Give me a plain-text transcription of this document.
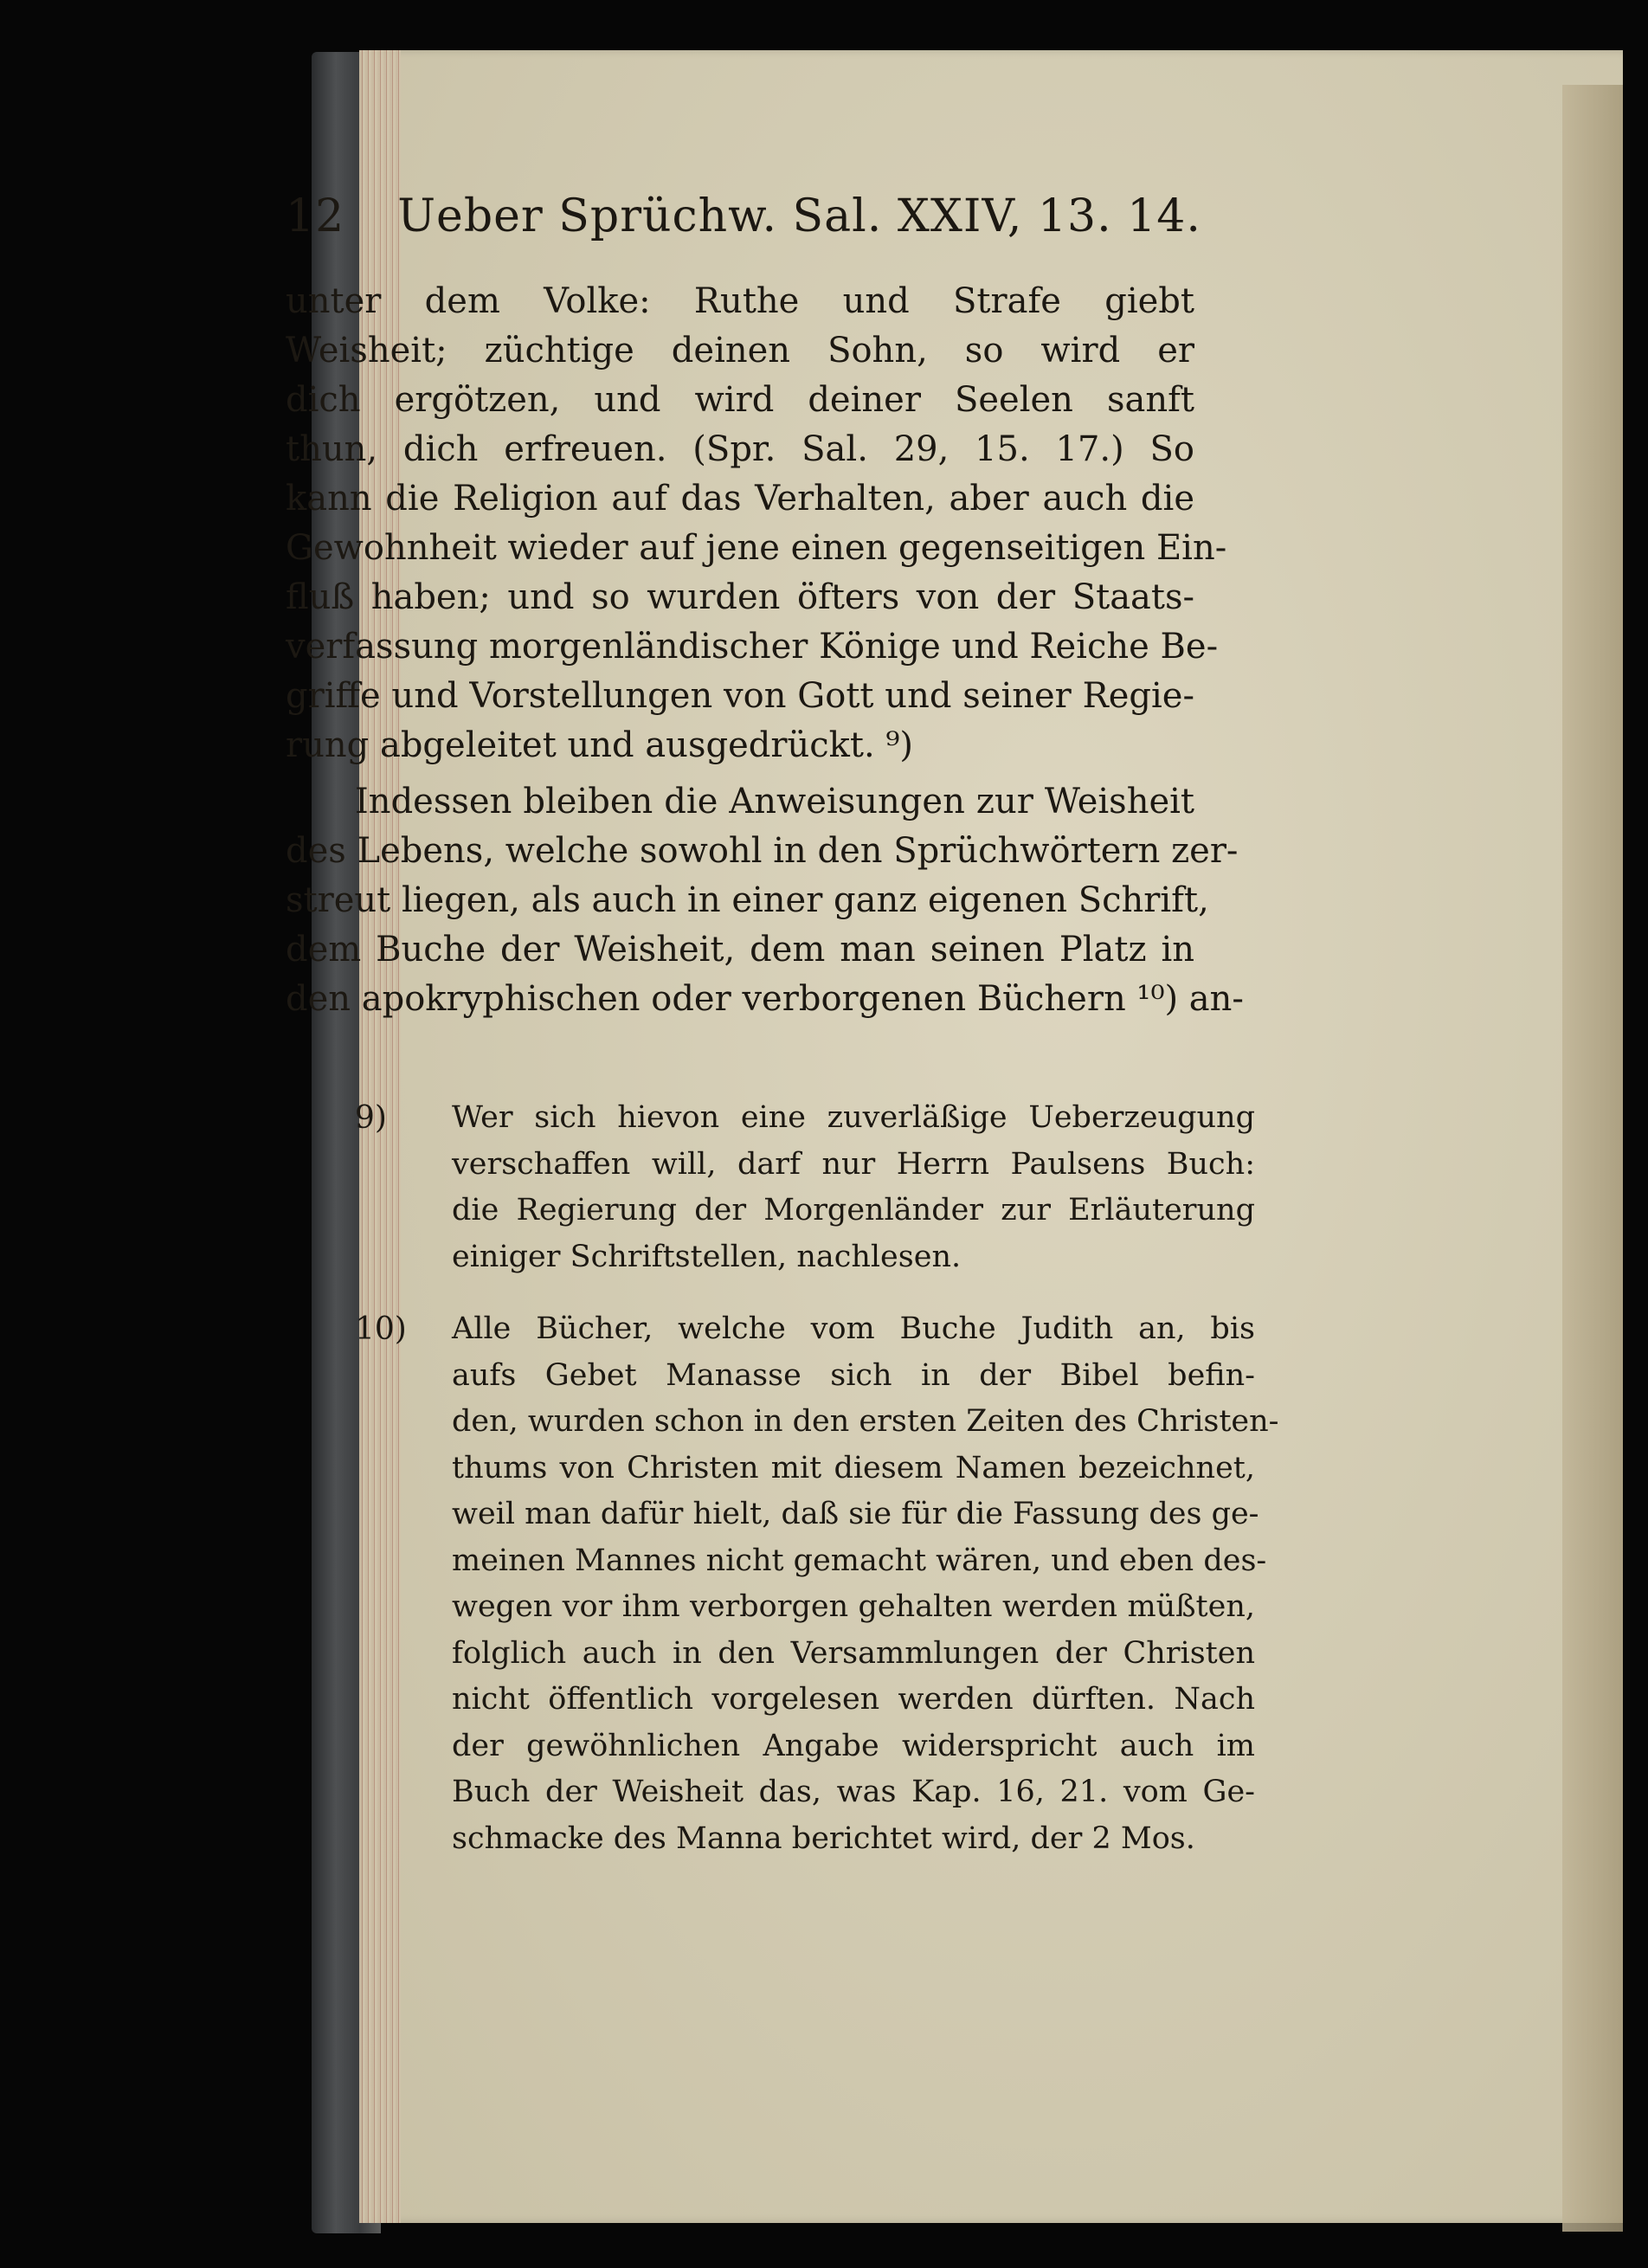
12 Ueber Sprüchw. Sal. XXIV, 13. 14.

unter dem Volke: Ruthe und Strafe giebt

Weisheit; züchtige deinen Sohn, so wird er

dich ergötzen, und wird deiner Seelen sanft

thun, dich erfreuen. (Spr. Sal. 29, 15. 17.) So

kann die Religion auf das Verhalten, aber auch die

Gewohnheit wieder auf jene einen gegenseitigen Ein-

fluß haben; und so wurden öfters von der Staats-

verfassung morgenländischer Könige und Reiche Be-

griffe und Vorstellungen von Gott und seiner Regie-

rung abgeleitet und ausgedrückt. ⁹)

Indessen bleiben die Anweisungen zur Weisheit

des Lebens, welche sowohl in den Sprüchwörtern zer-

streut liegen, als auch in einer ganz eigenen Schrift,

dem Buche der Weisheit, dem man seinen Platz in

den apokryphischen oder verborgenen Büchern ¹⁰) an-

9) Wer sich hievon eine zuverläßige Ueberzeugung

verschaffen will, darf nur Herrn Paulsens Buch:

die Regierung der Morgenländer zur Erläuterung

einiger Schriftstellen, nachlesen.

10) Alle Bücher, welche vom Buche Judith an, bis

aufs Gebet Manasse sich in der Bibel befin-

den, wurden schon in den ersten Zeiten des Christen-

thums von Christen mit diesem Namen bezeichnet,

weil man dafür hielt, daß sie für die Fassung des ge-

meinen Mannes nicht gemacht wären, und eben des-

wegen vor ihm verborgen gehalten werden müßten,

folglich auch in den Versammlungen der Christen

nicht öffentlich vorgelesen werden dürften. Nach

der gewöhnlichen Angabe widerspricht auch im

Buch der Weisheit das, was Kap. 16, 21. vom Ge-

schmacke des Manna berichtet wird, der 2 Mos.
